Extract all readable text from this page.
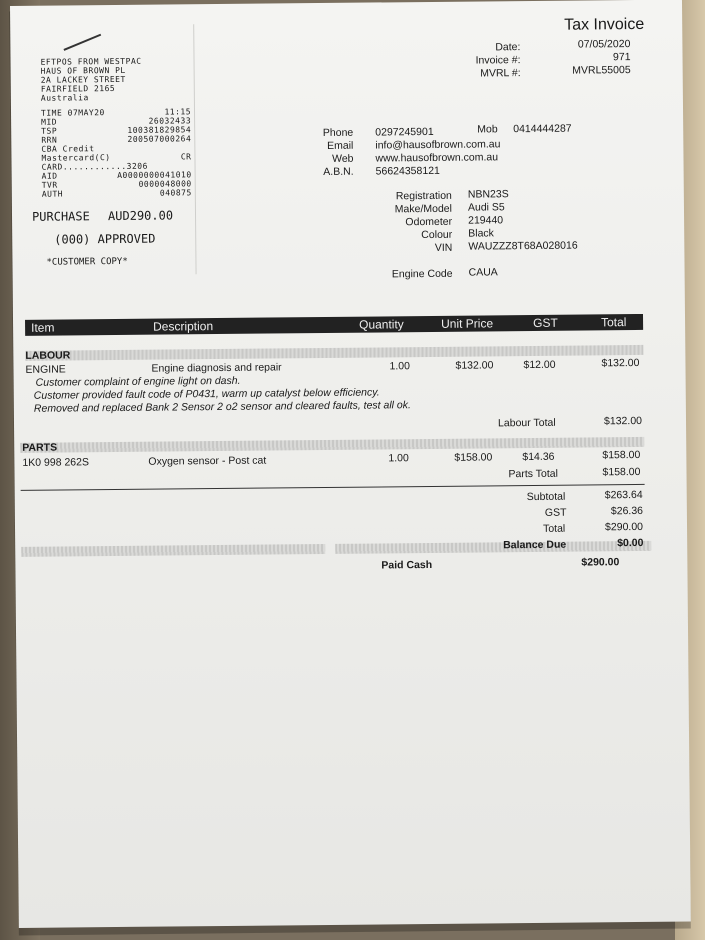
EFTPOS FROM WESTPAC
HAUS OF BROWN PL
2A LACKEY STREET
FAIRFIELD 2165
Australia
TIME 07MAY20	11:15
MID	26032433
TSP	100381829854
RRN	200507000264
CBA Credit
Mastercard(C)	CR
CARD............3206
AID	A0000000041010
TVR	0000048000
AUTH	040875
PURCHASE AUD290.00
(000) APPROVED
*CUSTOMER COPY*
Tax Invoice
Date:	07/05/2020
Invoice #:	971
MVRL #:	MVRL55005
Phone 0297245901	Mob 0414444287
Email info@hausofbrown.com.au
Web www.hausofbrown.com.au
A.B.N. 56624358121
Registration NBN23S
Make/Model Audi S5
Odometer 219440
Colour Black
VIN WAUZZZ8T68A028016
Engine Code CAUA
Item	Description	Quantity	Unit Price	GST	Total
LABOUR
ENGINE	Engine diagnosis and repair	1.00	$132.00	$12.00	$132.00
Customer complaint of engine light on dash.
Customer provided fault code of P0431, warm up catalyst below efficiency.
Removed and replaced Bank 2 Sensor 2 o2 sensor and cleared faults, test all ok.
Labour Total	$132.00
PARTS
1K0 998 262S	Oxygen sensor - Post cat	1.00	$158.00	$14.36	$158.00
Parts Total	$158.00
Subtotal	$263.64
GST	$26.36
Total	$290.00
Balance Due	$0.00
Paid Cash	$290.00
